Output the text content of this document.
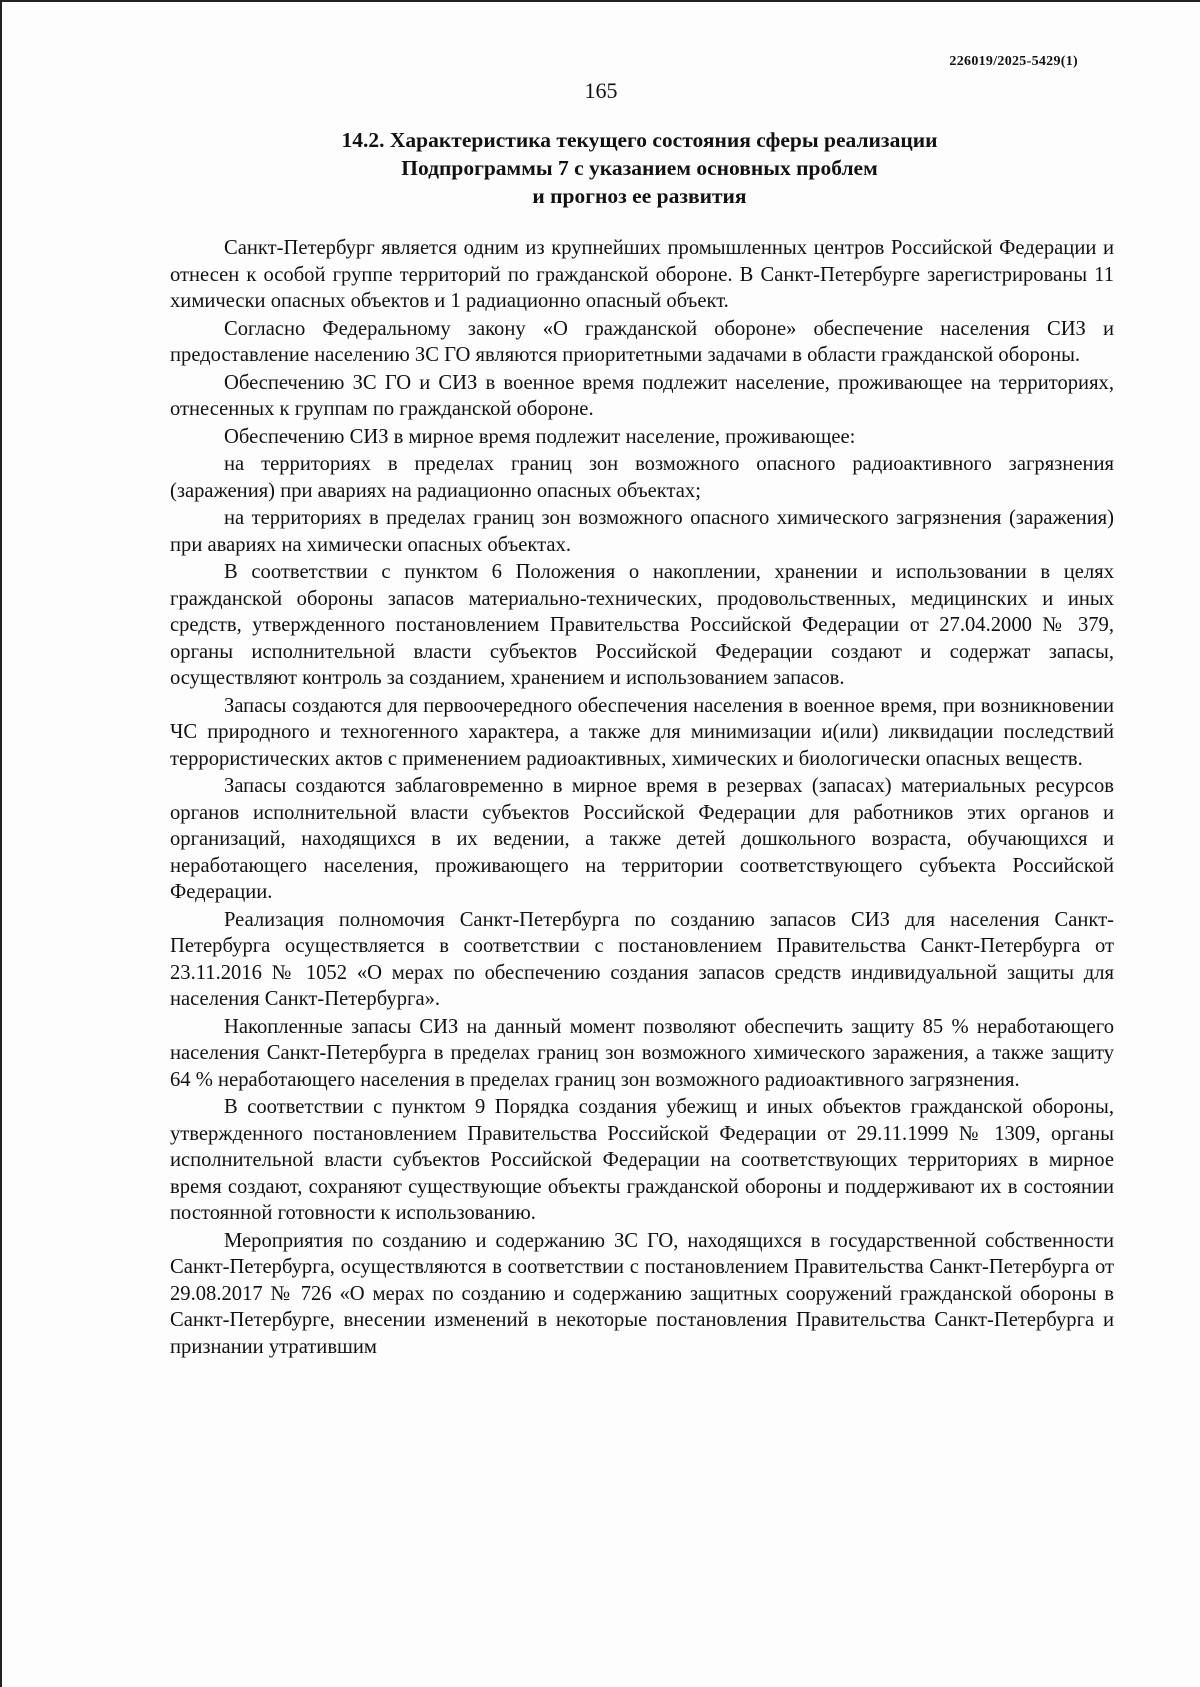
226019/2025-5429(1)
165
14.2. Характеристика текущего состояния сферы реализации
Подпрограммы 7 с указанием основных проблем
и прогноз ее развития

Санкт-Петербург является одним из крупнейших промышленных центров Российской Федерации и отнесен к особой группе территорий по гражданской обороне. В Санкт-Петербурге зарегистрированы 11 химически опасных объектов и 1 радиационно опасный объект.

Согласно Федеральному закону «О гражданской обороне» обеспечение населения СИЗ и предоставление населению ЗС ГО являются приоритетными задачами в области гражданской обороны.

Обеспечению ЗС ГО и СИЗ в военное время подлежит население, проживающее на территориях, отнесенных к группам по гражданской обороне.

Обеспечению СИЗ в мирное время подлежит население, проживающее:

на территориях в пределах границ зон возможного опасного радиоактивного загрязнения (заражения) при авариях на радиационно опасных объектах;

на территориях в пределах границ зон возможного опасного химического загрязнения (заражения) при авариях на химически опасных объектах.

В соответствии с пунктом 6 Положения о накоплении, хранении и использовании в целях гражданской обороны запасов материально-технических, продовольственных, медицинских и иных средств, утвержденного постановлением Правительства Российской Федерации от 27.04.2000 № 379, органы исполнительной власти субъектов Российской Федерации создают и содержат запасы, осуществляют контроль за созданием, хранением и использованием запасов.

Запасы создаются для первоочередного обеспечения населения в военное время, при возникновении ЧС природного и техногенного характера, а также для минимизации и(или) ликвидации последствий террористических актов с применением радиоактивных, химических и биологически опасных веществ.

Запасы создаются заблаговременно в мирное время в резервах (запасах) материальных ресурсов органов исполнительной власти субъектов Российской Федерации для работников этих органов и организаций, находящихся в их ведении, а также детей дошкольного возраста, обучающихся и неработающего населения, проживающего на территории соответствующего субъекта Российской Федерации.

Реализация полномочия Санкт-Петербурга по созданию запасов СИЗ для населения Санкт-Петербурга осуществляется в соответствии с постановлением Правительства Санкт-Петербурга от 23.11.2016 № 1052 «О мерах по обеспечению создания запасов средств индивидуальной защиты для населения Санкт-Петербурга».

Накопленные запасы СИЗ на данный момент позволяют обеспечить защиту 85 % неработающего населения Санкт-Петербурга в пределах границ зон возможного химического заражения, а также защиту 64 % неработающего населения в пределах границ зон возможного радиоактивного загрязнения.

В соответствии с пунктом 9 Порядка создания убежищ и иных объектов гражданской обороны, утвержденного постановлением Правительства Российской Федерации от 29.11.1999 № 1309, органы исполнительной власти субъектов Российской Федерации на соответствующих территориях в мирное время создают, сохраняют существующие объекты гражданской обороны и поддерживают их в состоянии постоянной готовности к использованию.

Мероприятия по созданию и содержанию ЗС ГО, находящихся в государственной собственности Санкт-Петербурга, осуществляются в соответствии с постановлением Правительства Санкт-Петербурга от 29.08.2017 № 726 «О мерах по созданию и содержанию защитных сооружений гражданской обороны в Санкт-Петербурге, внесении изменений в некоторые постановления Правительства Санкт-Петербурга и признании утратившим
